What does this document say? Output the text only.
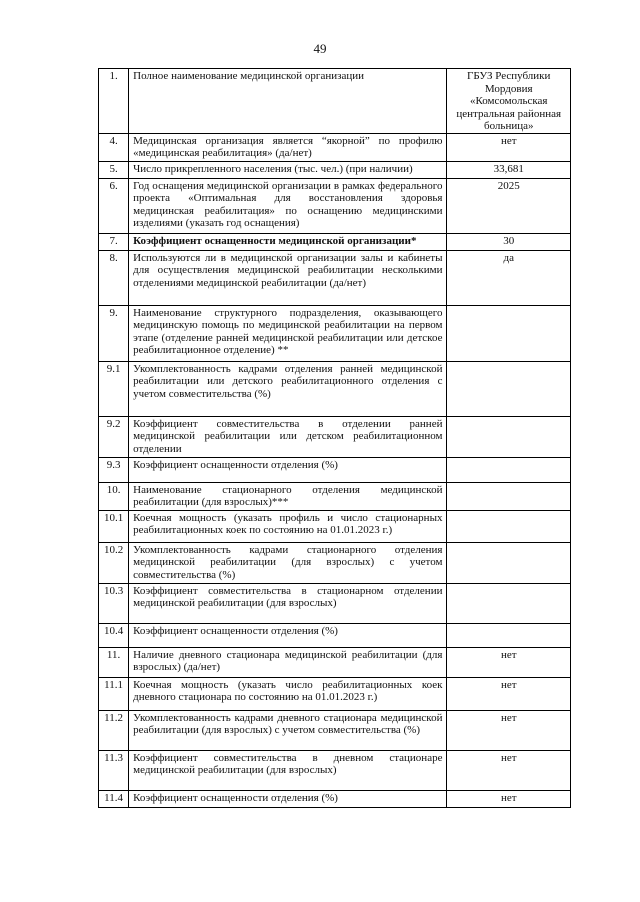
49
1.	Полное наименование медицинской организации	ГБУЗ Республики Мордовия «Комсомольская центральная районная больница»
4.	Медицинская организация является “якорной” по профилю «медицинская реабилитация» (да/нет)	нет
5.	Число прикрепленного населения (тыс. чел.) (при наличии)	33,681
6.	Год оснащения медицинской организации в рамках федерального проекта «Оптимальная для восстановления здоровья медицинская реабилитация» по оснащению медицинскими изделиями (указать год оснащения)	2025
7.	Коэффициент оснащенности медицинской организации*	30
8.	Используются ли в медицинской организации залы и кабинеты для осуществления медицинской реабилитации несколькими отделениями медицинской реабилитации (да/нет)	да
9.	Наименование структурного подразделения, оказывающего медицинскую помощь по медицинской реабилитации на первом этапе (отделение ранней медицинской реабилитации или детское реабилитационное отделение) **	
9.1	Укомплектованность кадрами отделения ранней медицинской реабилитации или детского реабилитационного отделения с учетом совместительства (%)	
9.2	Коэффициент совместительства в отделении ранней медицинской реабилитации или детском реабилитационном отделении	
9.3	Коэффициент оснащенности отделения (%)	
10.	Наименование стационарного отделения медицинской реабилитации (для взрослых)***	
10.1	Коечная мощность (указать профиль и число стационарных реабилитационных коек по состоянию на 01.01.2023 г.)	
10.2	Укомплектованность кадрами стационарного отделения медицинской реабилитации (для взрослых) с учетом совместительства (%)	
10.3	Коэффициент совместительства в стационарном отделении медицинской реабилитации (для взрослых)	
10.4	Коэффициент оснащенности отделения (%)	
11.	Наличие дневного стационара медицинской реабилитации (для взрослых) (да/нет)	нет
11.1	Коечная мощность (указать число реабилитационных коек дневного стационара по состоянию на 01.01.2023 г.)	нет
11.2	Укомплектованность кадрами дневного стационара медицинской реабилитации (для взрослых) с учетом совместительства (%)	нет
11.3	Коэффициент совместительства в дневном стационаре медицинской реабилитации (для взрослых)	нет
11.4	Коэффициент оснащенности отделения (%)	нет
